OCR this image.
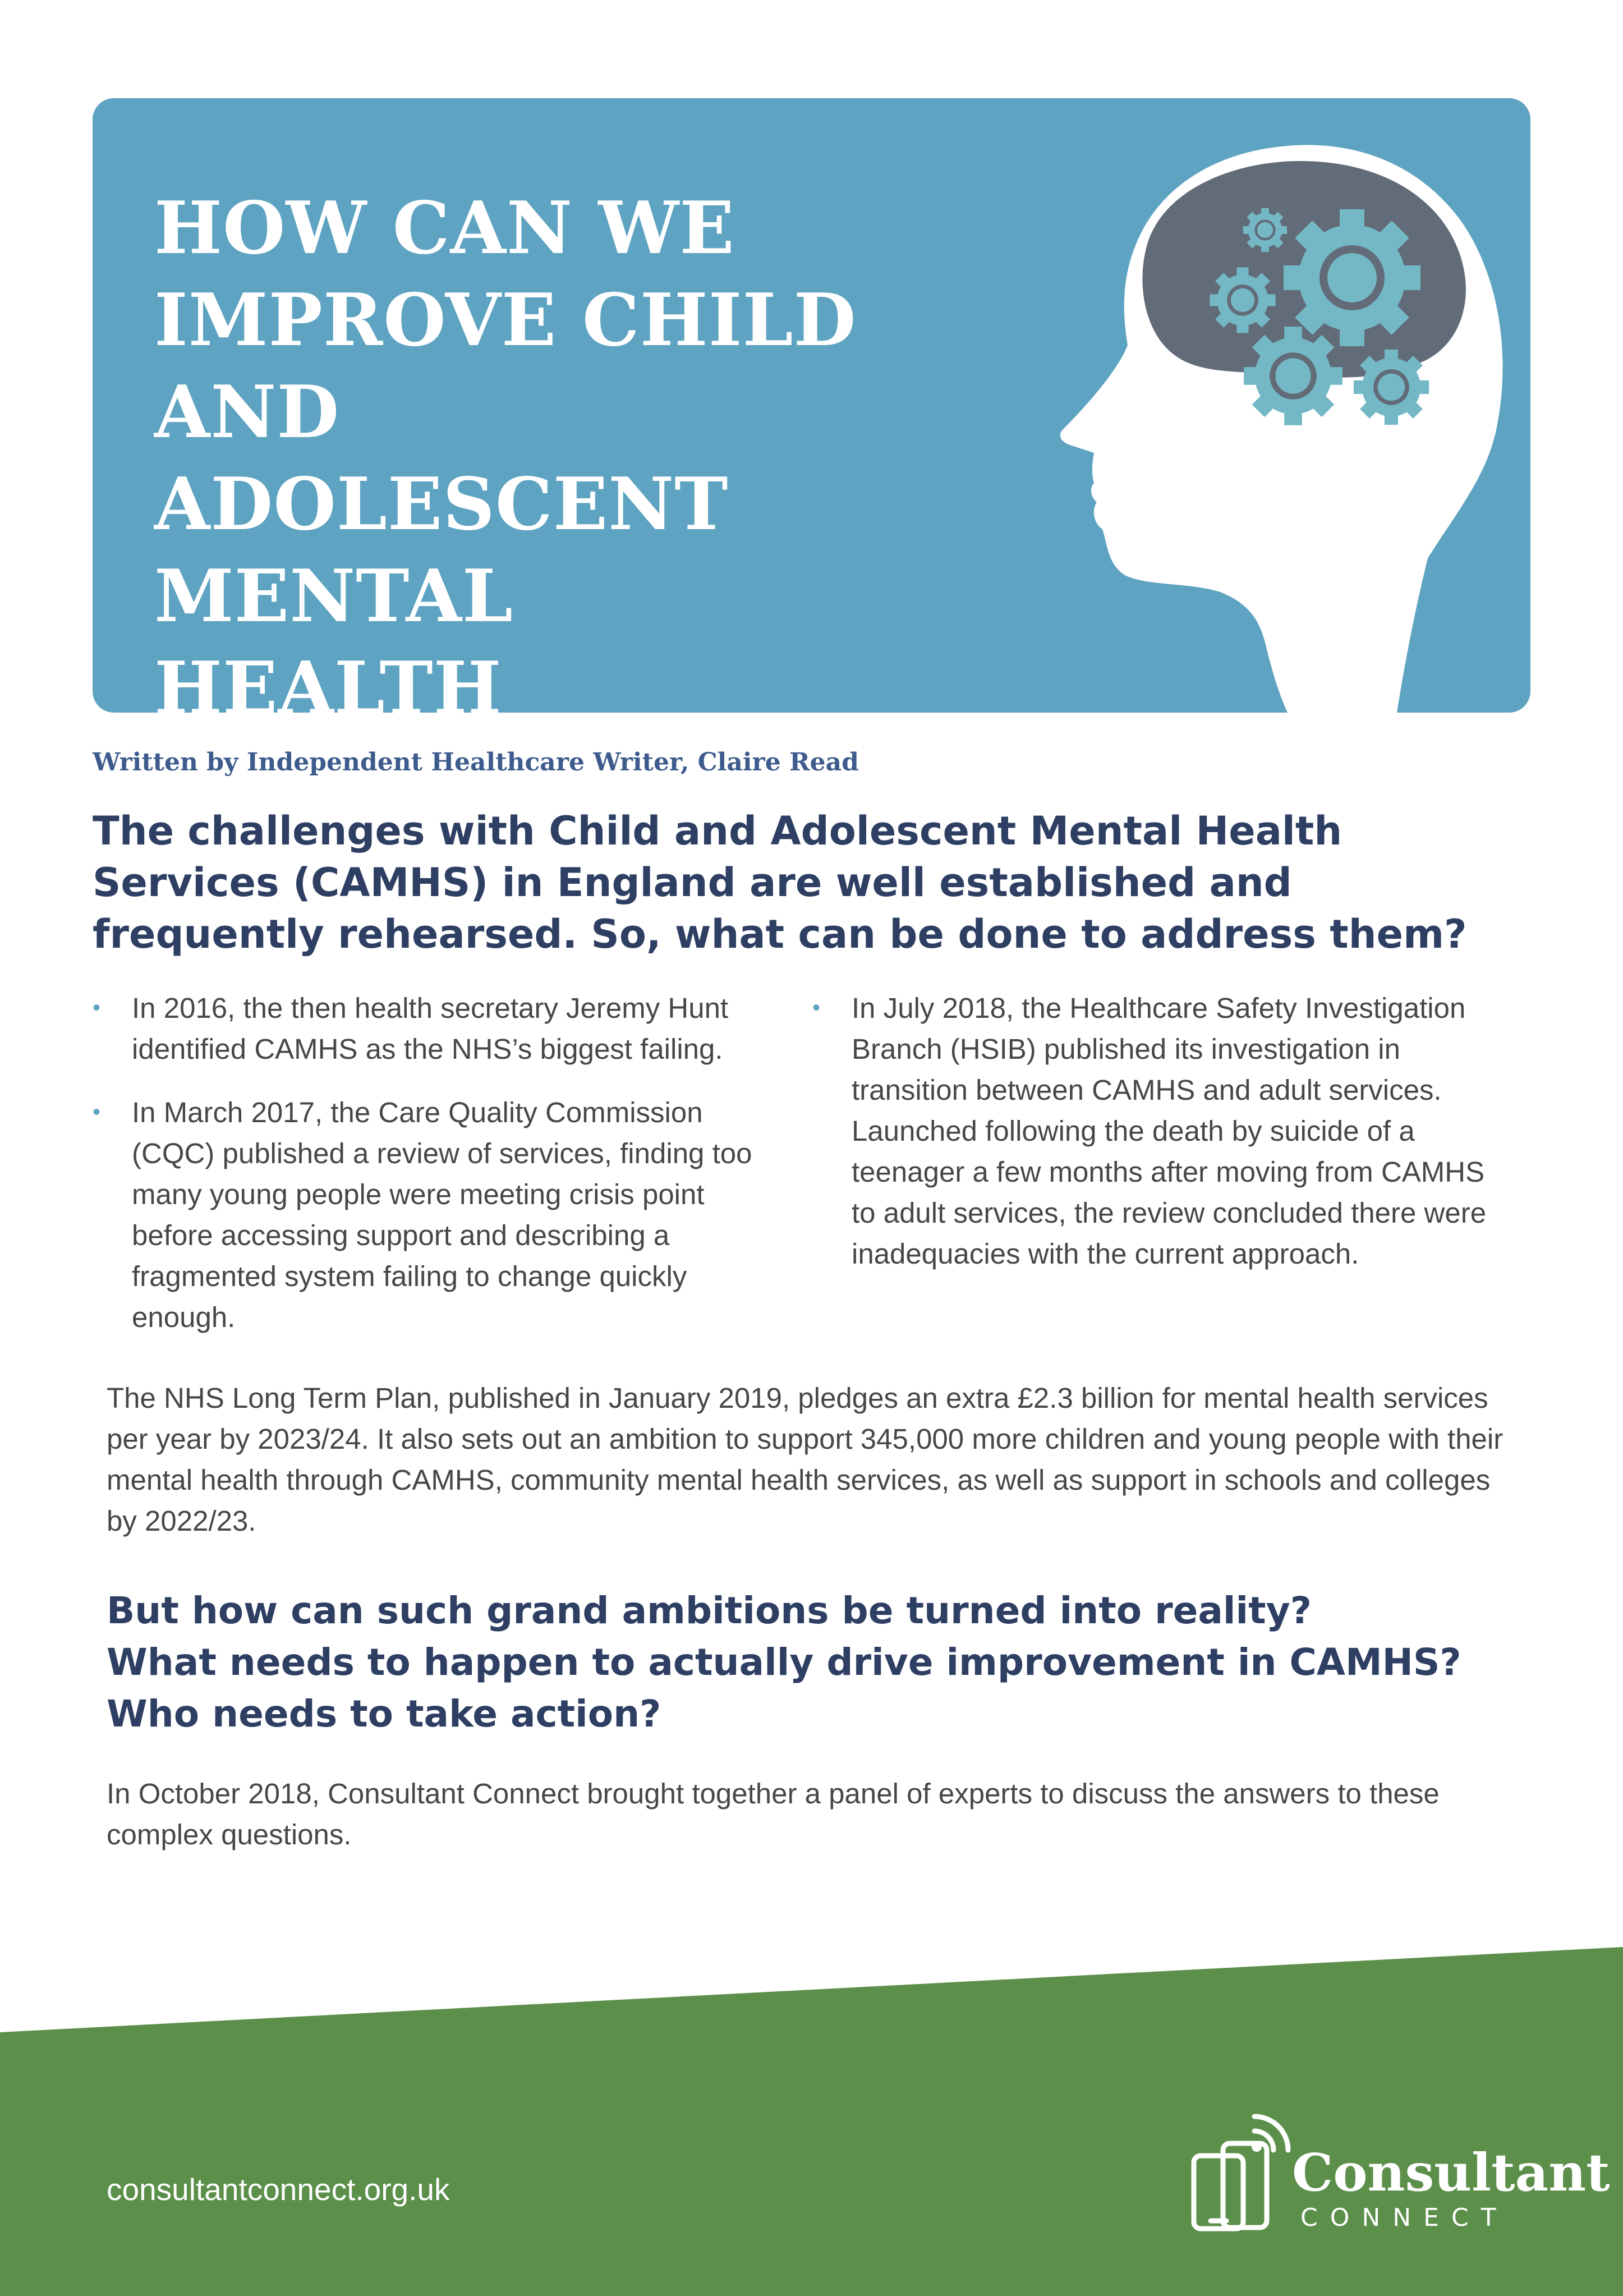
HOW CAN WE
IMPROVE CHILD
AND ADOLESCENT
MENTAL HEALTH

Written by Independent Healthcare Writer, Claire Read

The challenges with Child and Adolescent Mental Health Services (CAMHS) in England are well established and frequently rehearsed. So, what can be done to address them?
•	In 2016, the then health secretary Jeremy Hunt identified CAMHS as the NHS’s biggest failing.
•	In March 2017, the Care Quality Commission (CQC) published a review of services, finding too many young people were meeting crisis point before accessing support and describing a fragmented system failing to change quickly enough.
•	In July 2018, the Healthcare Safety Investigation Branch (HSIB) published its investigation in transition between CAMHS and adult services. Launched following the death by suicide of a teenager a few months after moving from CAMHS to adult services, the review concluded there were inadequacies with the current approach.

The NHS Long Term Plan, published in January 2019, pledges an extra £2.3 billion for mental health services per year by 2023/24. It also sets out an ambition to support 345,000 more children and young people with their mental health through CAMHS, community mental health services, as well as support in schools and colleges by 2022/23.

But how can such grand ambitions be turned into reality?
What needs to happen to actually drive improvement in CAMHS?
Who needs to take action?

In October 2018, Consultant Connect brought together a panel of experts to discuss the answers to these complex questions.

consultantconnect.org.uk	Consultant

CONNECT
